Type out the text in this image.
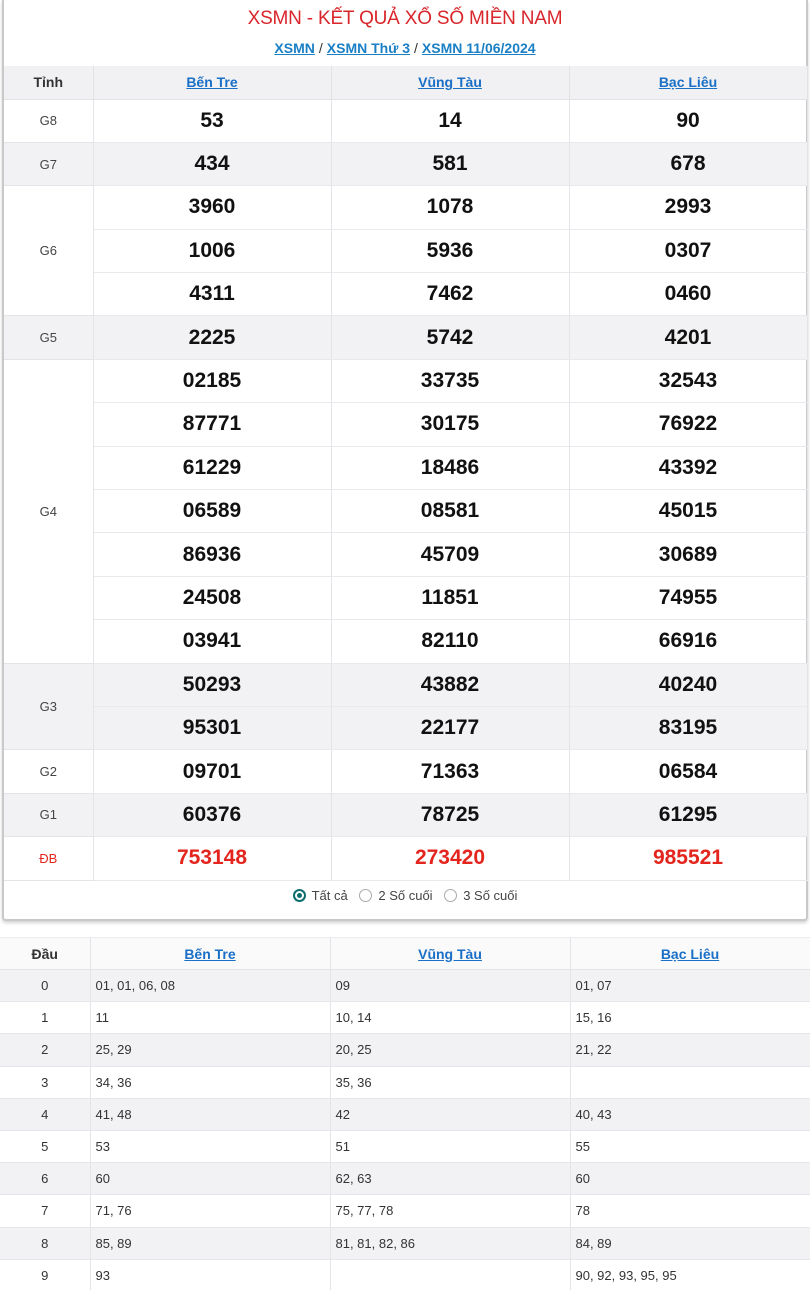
XSMN - KẾT QUẢ XỔ SỐ MIỀN NAM
XSMN / XSMN Thứ 3 / XSMN 11/06/2024
Tỉnh	Bến Tre	Vũng Tàu	Bạc Liêu
G8	53	14	90
G7	434	581	678
G6	3960	1078	2993
	1006	5936	0307
	4311	7462	0460
G5	2225	5742	4201
G4	02185	33735	32543
	87771	30175	76922
	61229	18486	43392
	06589	08581	45015
	86936	45709	30689
	24508	11851	74955
	03941	82110	66916
G3	50293	43882	40240
	95301	22177	83195
G2	09701	71363	06584
G1	60376	78725	61295
ĐB	753148	273420	985521
Tất cả
2 Số cuối
3 Số cuối
Đầu	Bến Tre	Vũng Tàu	Bạc Liêu
0	01, 01, 06, 08	09	01, 07
1	11	10, 14	15, 16
2	25, 29	20, 25	21, 22
3	34, 36	35, 36	
4	41, 48	42	40, 43
5	53	51	55
6	60	62, 63	60
7	71, 76	75, 77, 78	78
8	85, 89	81, 81, 82, 86	84, 89
9	93		90, 92, 93, 95, 95
